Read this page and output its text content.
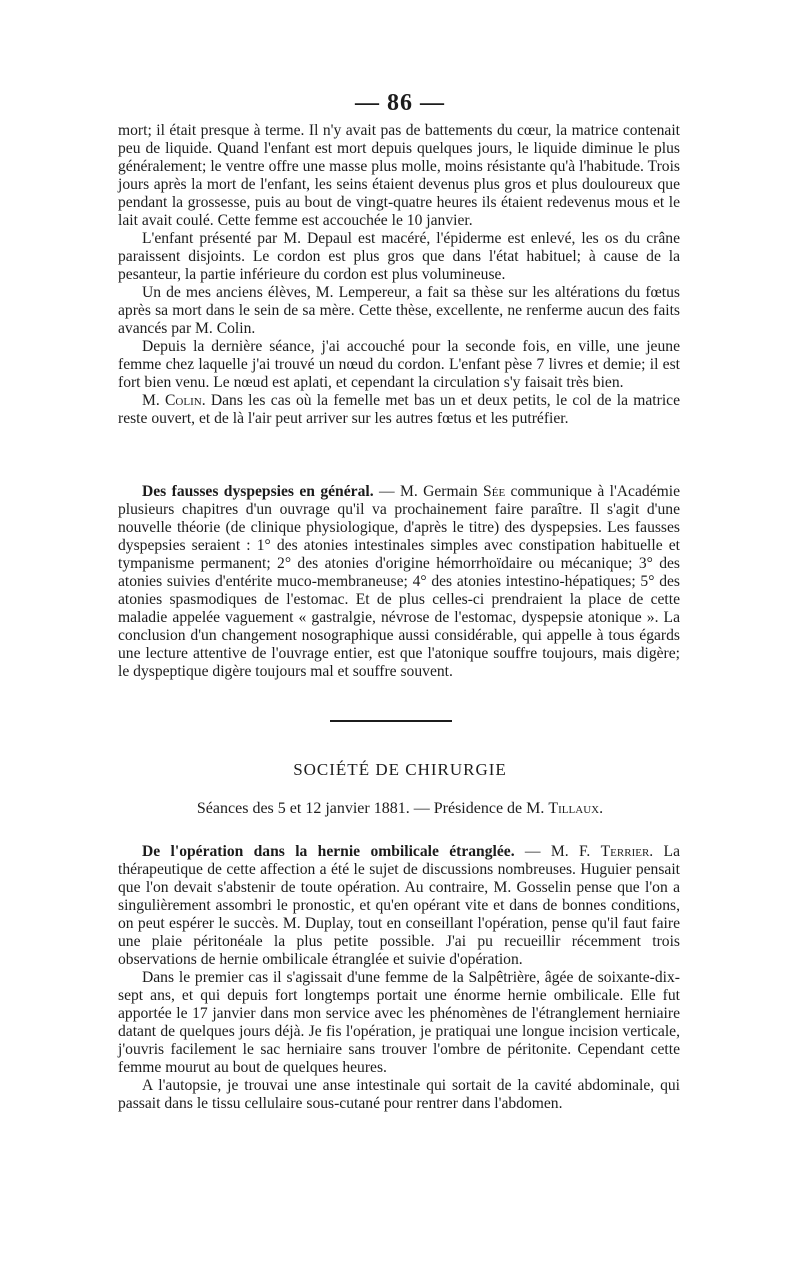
— 86 —

mort; il était presque à terme. Il n'y avait pas de battements du cœur, la matrice contenait peu de liquide. Quand l'enfant est mort depuis quelques jours, le liquide diminue le plus généralement; le ventre offre une masse plus molle, moins résistante qu'à l'habitude. Trois jours après la mort de l'enfant, les seins étaient devenus plus gros et plus douloureux que pendant la grossesse, puis au bout de vingt-quatre heures ils étaient redevenus mous et le lait avait coulé. Cette femme est accouchée le 10 janvier.

L'enfant présenté par M. Depaul est macéré, l'épiderme est enlevé, les os du crâne paraissent disjoints. Le cordon est plus gros que dans l'état habituel; à cause de la pesanteur, la partie inférieure du cordon est plus volumineuse.

Un de mes anciens élèves, M. Lempereur, a fait sa thèse sur les altérations du fœtus après sa mort dans le sein de sa mère. Cette thèse, excellente, ne renferme aucun des faits avancés par M. Colin.

Depuis la dernière séance, j'ai accouché pour la seconde fois, en ville, une jeune femme chez laquelle j'ai trouvé un nœud du cordon. L'enfant pèse 7 livres et demie; il est fort bien venu. Le nœud est aplati, et cependant la circulation s'y faisait très bien.

M. Colin. Dans les cas où la femelle met bas un et deux petits, le col de la matrice reste ouvert, et de là l'air peut arriver sur les autres fœtus et les putréfier.

Des fausses dyspepsies en général. — M. Germain Sée communique à l'Académie plusieurs chapitres d'un ouvrage qu'il va prochainement faire paraître. Il s'agit d'une nouvelle théorie (de clinique physiologique, d'après le titre) des dyspepsies. Les fausses dyspepsies seraient : 1° des atonies intestinales simples avec constipation habituelle et tympanisme permanent; 2° des atonies d'origine hémorrhoïdaire ou mécanique; 3° des atonies suivies d'entérite muco-membraneuse; 4° des atonies intestino-hépatiques; 5° des atonies spasmodiques de l'estomac. Et de plus celles-ci prendraient la place de cette maladie appelée vaguement « gastralgie, névrose de l'estomac, dyspepsie atonique ». La conclusion d'un changement nosographique aussi considérable, qui appelle à tous égards une lecture attentive de l'ouvrage entier, est que l'atonique souffre toujours, mais digère; le dyspeptique digère toujours mal et souffre souvent.

SOCIÉTÉ DE CHIRURGIE
Séances des 5 et 12 janvier 1881. — Présidence de M. Tillaux.

De l'opération dans la hernie ombilicale étranglée. — M. F. Terrier. La thérapeutique de cette affection a été le sujet de discussions nombreuses. Huguier pensait que l'on devait s'abstenir de toute opération. Au contraire, M. Gosselin pense que l'on a singulièrement assombri le pronostic, et qu'en opérant vite et dans de bonnes conditions, on peut espérer le succès. M. Duplay, tout en conseillant l'opération, pense qu'il faut faire une plaie péritonéale la plus petite possible. J'ai pu recueillir récemment trois observations de hernie ombilicale étranglée et suivie d'opération.

Dans le premier cas il s'agissait d'une femme de la Salpêtrière, âgée de soixante-dix-sept ans, et qui depuis fort longtemps portait une énorme hernie ombilicale. Elle fut apportée le 17 janvier dans mon service avec les phénomènes de l'étranglement herniaire datant de quelques jours déjà. Je fis l'opération, je pratiquai une longue incision verticale, j'ouvris facilement le sac herniaire sans trouver l'ombre de péritonite. Cependant cette femme mourut au bout de quelques heures.

A l'autopsie, je trouvai une anse intestinale qui sortait de la cavité abdominale, qui passait dans le tissu cellulaire sous-cutané pour rentrer dans l'abdomen.
